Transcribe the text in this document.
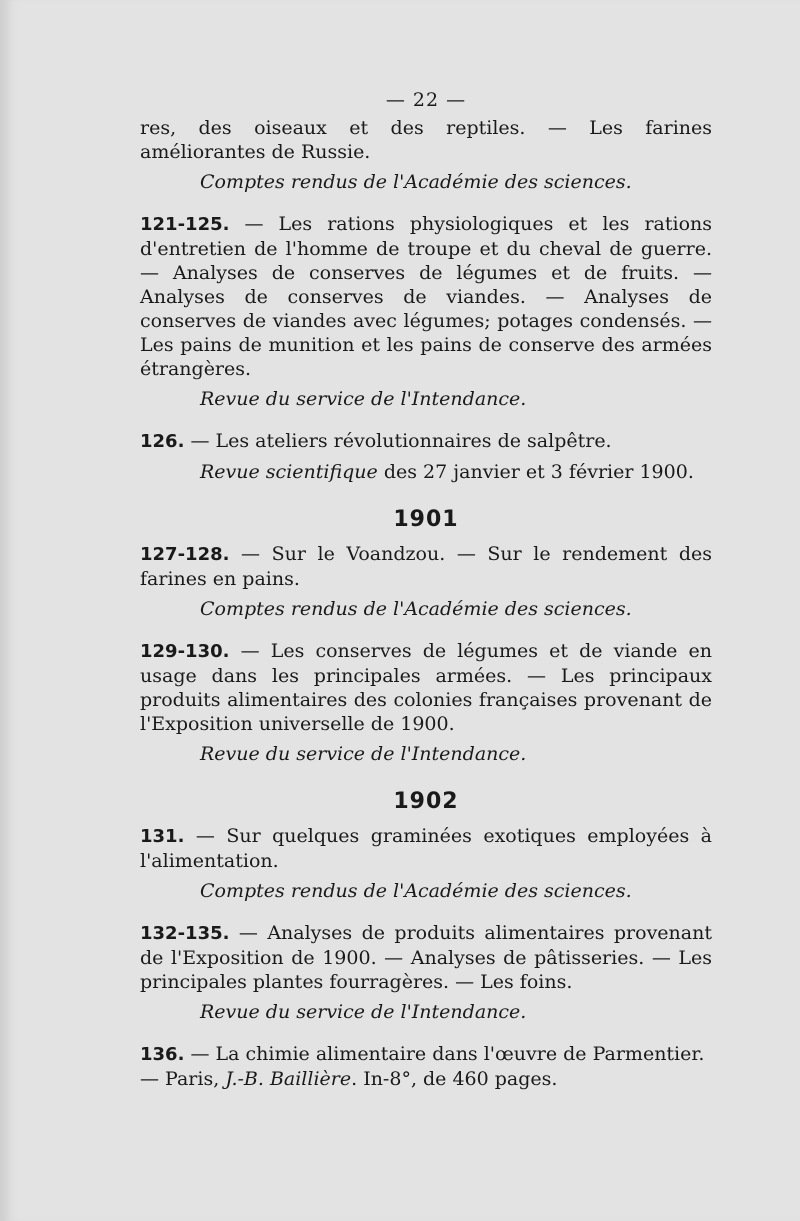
— 22 —

res, des oiseaux et des reptiles. — Les farines améliorantes de Russie.

Comptes rendus de l'Académie des sciences.

121-125. — Les rations physiologiques et les rations d'entretien de l'homme de troupe et du cheval de guerre. — Analyses de conserves de légumes et de fruits. — Analyses de conserves de viandes. — Analyses de conserves de viandes avec légumes; potages condensés. — Les pains de munition et les pains de conserve des armées étrangères.

Revue du service de l'Intendance.

126. — Les ateliers révolutionnaires de salpêtre.

Revue scientifique des 27 janvier et 3 février 1900.

1901

127-128. — Sur le Voandzou. — Sur le rendement des farines en pains.

Comptes rendus de l'Académie des sciences.

129-130. — Les conserves de légumes et de viande en usage dans les principales armées. — Les principaux produits alimentaires des colonies françaises provenant de l'Exposition universelle de 1900.

Revue du service de l'Intendance.

1902

131. — Sur quelques graminées exotiques employées à l'alimentation.

Comptes rendus de l'Académie des sciences.

132-135. — Analyses de produits alimentaires provenant de l'Exposition de 1900. — Analyses de pâtisseries. — Les principales plantes fourragères. — Les foins.

Revue du service de l'Intendance.

136. — La chimie alimentaire dans l'œuvre de Parmentier. — Paris, J.-B. Baillière. In-8°, de 460 pages.
